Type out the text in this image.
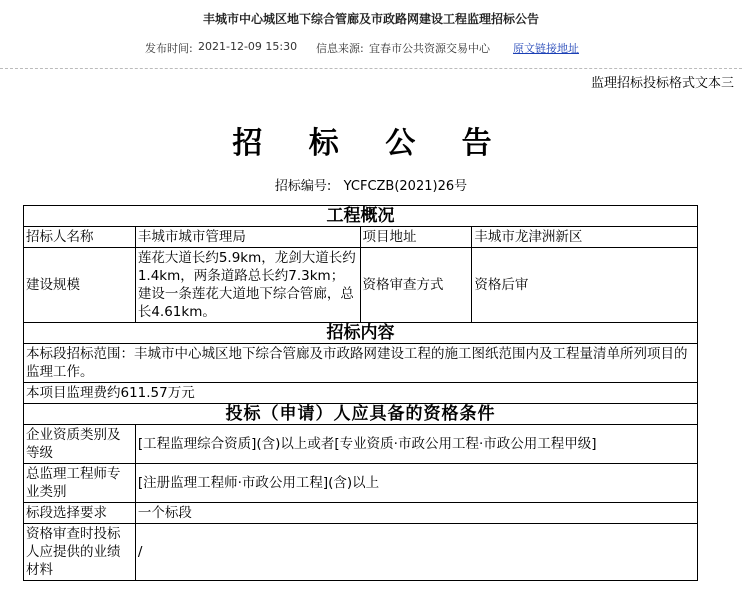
丰城市中心城区地下综合管廊及市政路网建设工程监理招标公告
发布时间: 2021-12-09 15:30 信息来源: 宜春市公共资源交易中心 原文链接地址
监理招标投标格式文本三
招 标 公 告
招标编号: YCFCZB(2021)26号
工程概况			
招标人名称	丰城市城市管理局	项目地址	丰城市龙津洲新区
建设规模	莲花大道长约5.9km，龙剑大道长约1.4km，两条道路总长约7.3km；建设一条莲花大道地下综合管廊，总长4.61km。	资格审查方式	资格后审
招标内容			
本标段招标范围：丰城市中心城区地下综合管廊及市政路网建设工程的施工图纸范围内及工程量清单所列项目的监理工作。			
本项目监理费约611.57万元			
投标（申请）人应具备的资格条件			
企业资质类别及等级	[工程监理综合资质](含)以上或者[专业资质·市政公用工程·市政公用工程甲级]		
总监理工程师专业类别	[注册监理工程师·市政公用工程](含)以上		
标段选择要求	一个标段		
资格审查时投标人应提供的业绩材料	/		
